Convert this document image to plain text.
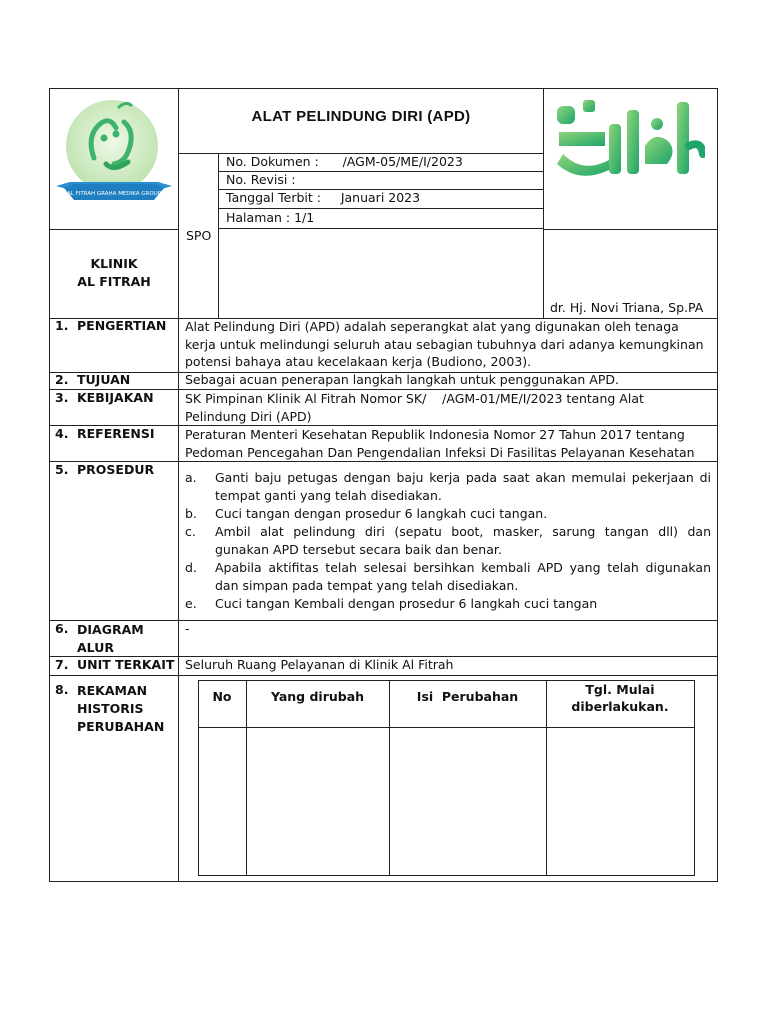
AL FITRAH GRAHA MEDIKA GROUP
ALAT PELINDUNG DIRI (APD)
No. Dokumen :      /AGM-05/ME/I/2023
No. Revisi :
Tanggal Terbit :     Januari 2023
Halaman : 1/1
SPO
KLINIK
AL FITRAH
dr. Hj. Novi Triana, Sp.PA
1. PENGERTIAN Alat Pelindung Diri (APD) adalah seperangkat alat yang digunakan oleh tenaga
kerja untuk melindungi seluruh atau sebagian tubuhnya dari adanya kemungkinan
potensi bahaya atau kecelakaan kerja (Budiono, 2003).
2. TUJUAN	Sebagai acuan penerapan langkah langkah untuk penggunakan APD.
3. KEBIJAKAN	SK Pimpinan Klinik Al Fitrah Nomor SK/    /AGM-01/ME/I/2023 tentang Alat
Pelindung Diri (APD)
4. REFERENSI Peraturan Menteri Kesehatan Republik Indonesia Nomor 27 Tahun 2017 tentang
Pedoman Pencegahan Dan Pengendalian Infeksi Di Fasilitas Pelayanan Kesehatan
5. PROSEDUR
a. Ganti baju petugas dengan baju kerja pada saat akan memulai pekerjaan di tempat ganti yang telah disediakan.
b. Cuci tangan dengan prosedur 6 langkah cuci tangan.
c. Ambil alat pelindung diri (sepatu boot, masker, sarung tangan dll) dan gunakan APD tersebut secara baik dan benar.
d. Apabila aktifitas telah selesai bersihkan kembali APD yang telah digunakan dan simpan pada tempat yang telah disediakan.
e. Cuci tangan Kembali dengan prosedur 6 langkah cuci tangan
6. DIAGRAM
ALUR
-
7. UNIT TERKAIT Seluruh Ruang Pelayanan di Klinik Al Fitrah
8. REKAMAN
HISTORIS
PERUBAHAN
No	Yang dirubah	Isi  Perubahan	Tgl. Mulai
diberlakukan.
